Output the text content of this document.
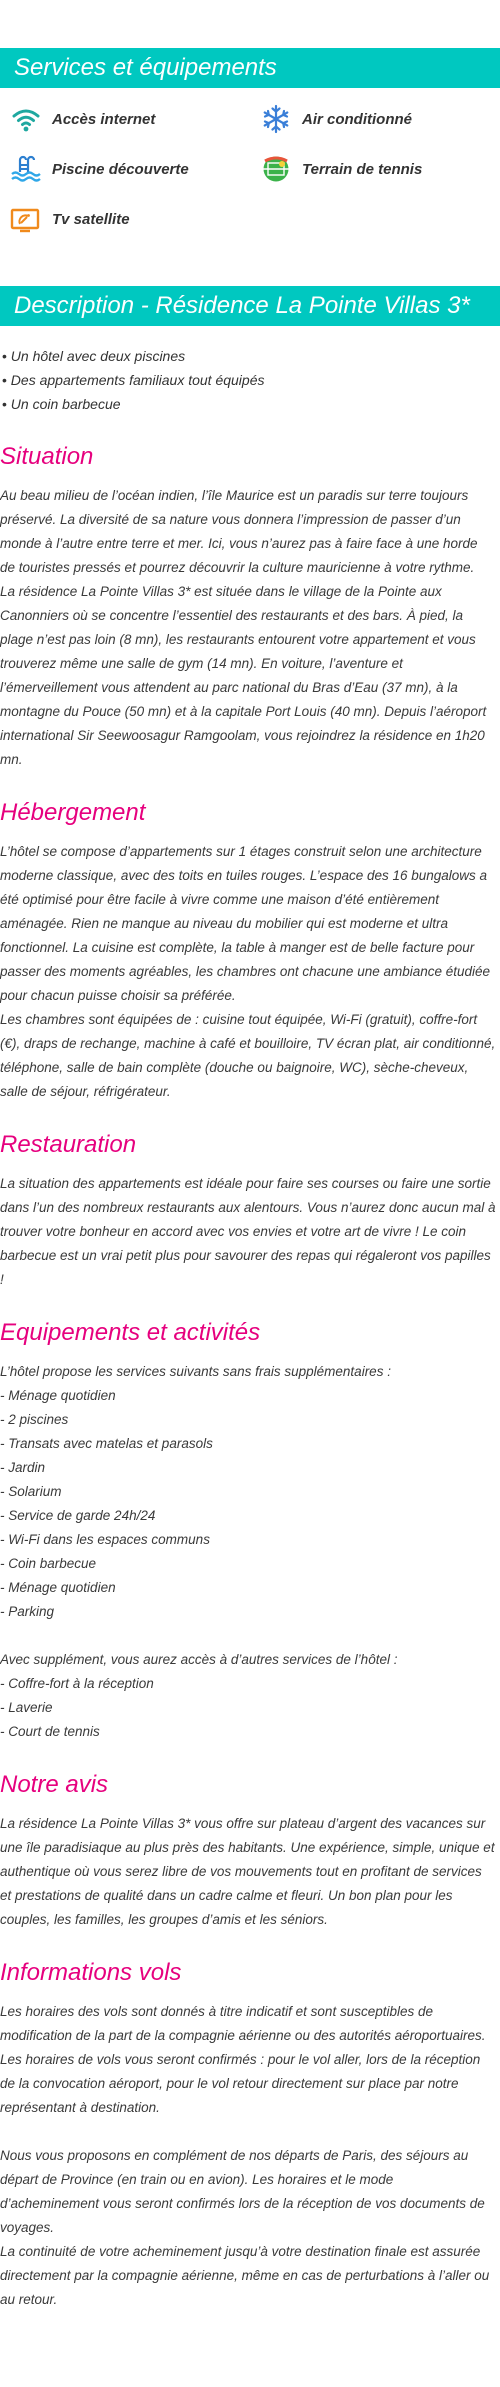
Services et équipements
Accès internet	Air conditionné
Piscine découverte	Terrain de tennis
Tv satellite
Description - Résidence La Pointe Villas 3*
• Un hôtel avec deux piscines
• Des appartements familiaux tout équipés
• Un coin barbecue
Situation

Au beau milieu de l’océan indien, l’île Maurice est un paradis sur terre toujours préservé. La diversité de sa nature vous donnera l’impression de passer d’un monde à l’autre entre terre et mer. Ici, vous n’aurez pas à faire face à une horde de touristes pressés et pourrez découvrir la culture mauricienne à votre rythme.

La résidence La Pointe Villas 3* est située dans le village de la Pointe aux Canonniers où se concentre l’essentiel des restaurants et des bars. À pied, la plage n’est pas loin (8 mn), les restaurants entourent votre appartement et vous trouverez même une salle de gym (14 mn). En voiture, l’aventure et l’émerveillement vous attendent au parc national du Bras d’Eau (37 mn), à la montagne du Pouce (50 mn) et à la capitale Port Louis (40 mn). Depuis l’aéroport international Sir Seewoosagur Ramgoolam, vous rejoindrez la résidence en 1h20 mn.

Hébergement

L’hôtel se compose d’appartements sur 1 étages construit selon une architecture moderne classique, avec des toits en tuiles rouges. L’espace des 16 bungalows a été optimisé pour être facile à vivre comme une maison d’été entièrement aménagée. Rien ne manque au niveau du mobilier qui est moderne et ultra fonctionnel. La cuisine est complète, la table à manger est de belle facture pour passer des moments agréables, les chambres ont chacune une ambiance étudiée pour chacun puisse choisir sa préférée.

Les chambres sont équipées de : cuisine tout équipée, Wi-Fi (gratuit), coffre-fort (€), draps de rechange, machine à café et bouilloire, TV écran plat, air conditionné, téléphone, salle de bain complète (douche ou baignoire, WC), sèche-cheveux, salle de séjour, réfrigérateur.

Restauration

La situation des appartements est idéale pour faire ses courses ou faire une sortie dans l’un des nombreux restaurants aux alentours. Vous n’aurez donc aucun mal à trouver votre bonheur en accord avec vos envies et votre art de vivre ! Le coin barbecue est un vrai petit plus pour savourer des repas qui régaleront vos papilles !

Equipements et activités

L’hôtel propose les services suivants sans frais supplémentaires :

- Ménage quotidien
- 2 piscines
- Transats avec matelas et parasols
- Jardin
- Solarium
- Service de garde 24h/24
- Wi-Fi dans les espaces communs
- Coin barbecue
- Ménage quotidien
- Parking

Avec supplément, vous aurez accès à d’autres services de l’hôtel :

- Coffre-fort à la réception
- Laverie
- Court de tennis
Notre avis

La résidence La Pointe Villas 3* vous offre sur plateau d’argent des vacances sur une île paradisiaque au plus près des habitants. Une expérience, simple, unique et authentique où vous serez libre de vos mouvements tout en profitant de services et prestations de qualité dans un cadre calme et fleuri. Un bon plan pour les couples, les familles, les groupes d’amis et les séniors.

Informations vols

Les horaires des vols sont donnés à titre indicatif et sont susceptibles de modification de la part de la compagnie aérienne ou des autorités aéroportuaires.

Les horaires de vols vous seront confirmés : pour le vol aller, lors de la réception de la convocation aéroport, pour le vol retour directement sur place par notre représentant à destination.

Nous vous proposons en complément de nos départs de Paris, des séjours au départ de Province (en train ou en avion). Les horaires et le mode d’acheminement vous seront confirmés lors de la réception de vos documents de voyages.

La continuité de votre acheminement jusqu’à votre destination finale est assurée directement par la compagnie aérienne, même en cas de perturbations à l’aller ou au retour.
